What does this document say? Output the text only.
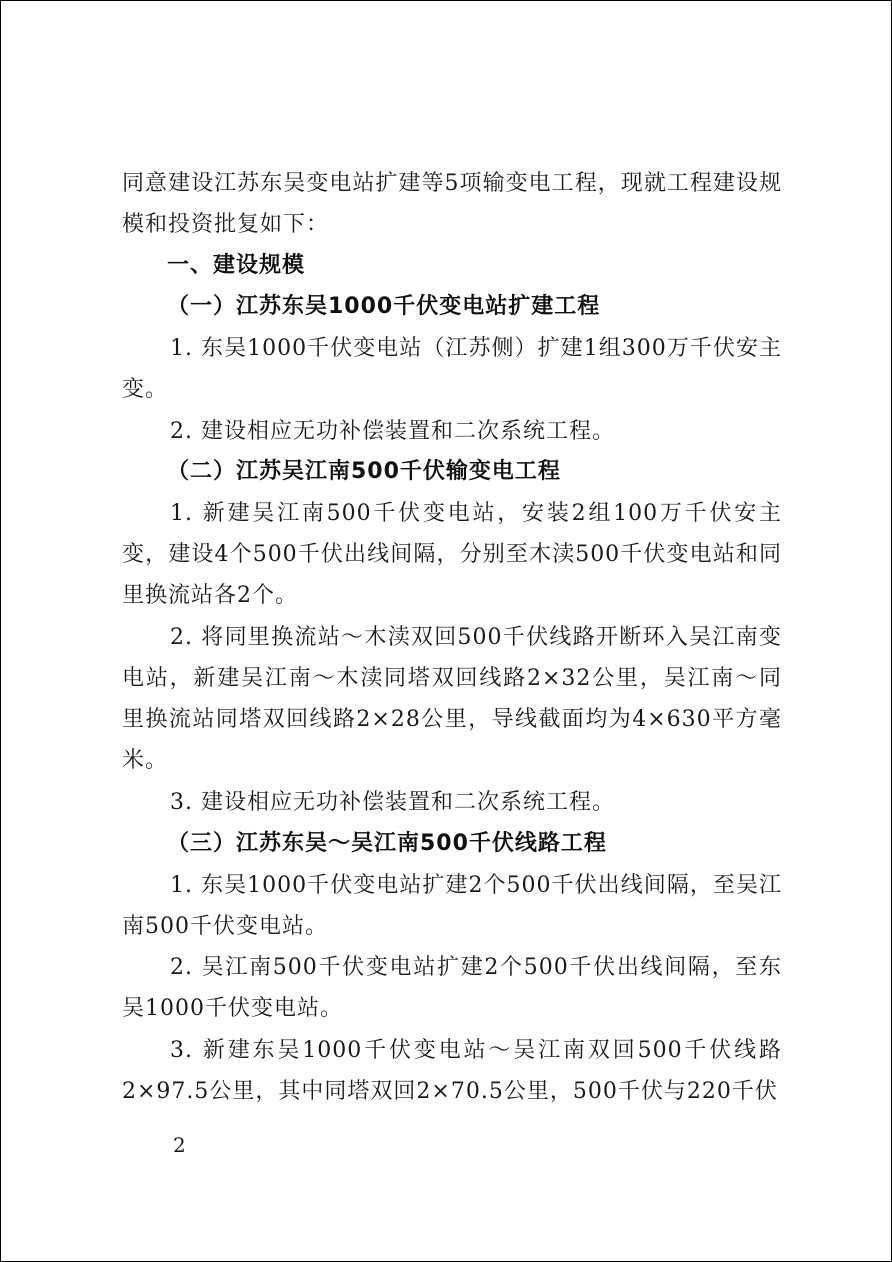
同意建设江苏东吴变电站扩建等5项输变电工程，现就工程建设规模和投资批复如下：

一、建设规模

（一）江苏东吴1000千伏变电站扩建工程

1. 东吴1000千伏变电站（江苏侧）扩建1组300万千伏安主变。

2. 建设相应无功补偿装置和二次系统工程。

（二）江苏吴江南500千伏输变电工程

1. 新建吴江南500千伏变电站，安装2组100万千伏安主变，建设4个500千伏出线间隔，分别至木渎500千伏变电站和同里换流站各2个。

2. 将同里换流站～木渎双回500千伏线路开断环入吴江南变电站，新建吴江南～木渎同塔双回线路2×32公里，吴江南～同里换流站同塔双回线路2×28公里，导线截面均为4×630平方毫米。

3. 建设相应无功补偿装置和二次系统工程。

（三）江苏东吴～吴江南500千伏线路工程

1. 东吴1000千伏变电站扩建2个500千伏出线间隔，至吴江南500千伏变电站。

2. 吴江南500千伏变电站扩建2个500千伏出线间隔，至东吴1000千伏变电站。

3. 新建东吴1000千伏变电站～吴江南双回500千伏线路2×97.5公里，其中同塔双回2×70.5公里，500千伏与220千伏

2
